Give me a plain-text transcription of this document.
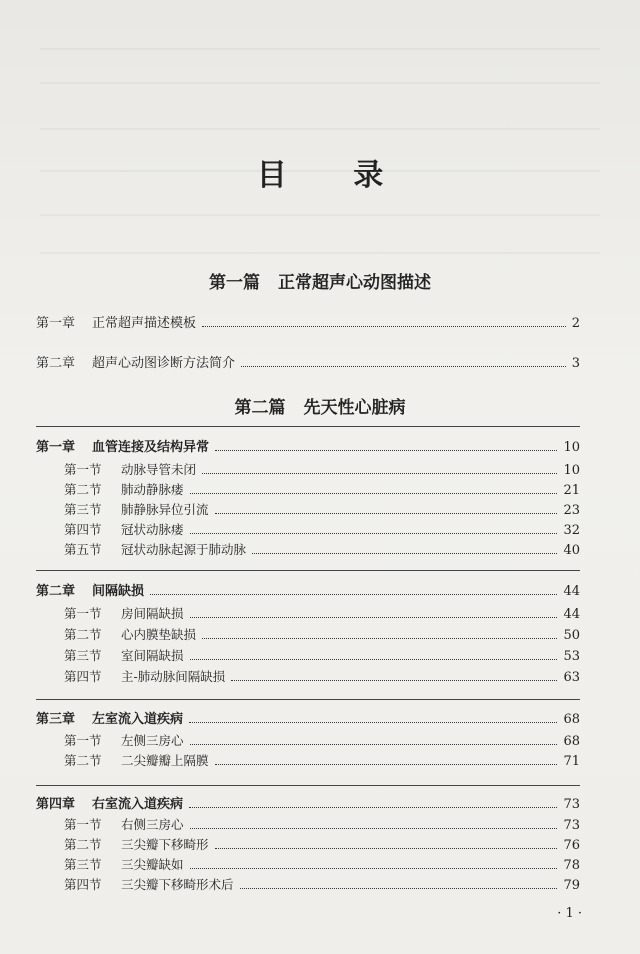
目 录
第一篇 正常超声心动图描述
第一章	正常超声描述模板	2
第二章	超声心动图诊断方法简介	3
第二篇 先天性心脏病
第一章	血管连接及结构异常	10
第一节	动脉导管未闭	10
第二节	肺动静脉瘘	21
第三节	肺静脉异位引流	23
第四节	冠状动脉瘘	32
第五节	冠状动脉起源于肺动脉	40
第二章	间隔缺损	44
第一节	房间隔缺损	44
第二节	心内膜垫缺损	50
第三节	室间隔缺损	53
第四节	主-肺动脉间隔缺损	63
第三章	左室流入道疾病	68
第一节	左侧三房心	68
第二节	二尖瓣瓣上隔膜	71
第四章	右室流入道疾病	73
第一节	右侧三房心	73
第二节	三尖瓣下移畸形	76
第三节	三尖瓣缺如	78
第四节	三尖瓣下移畸形术后	79
· 1 ·
